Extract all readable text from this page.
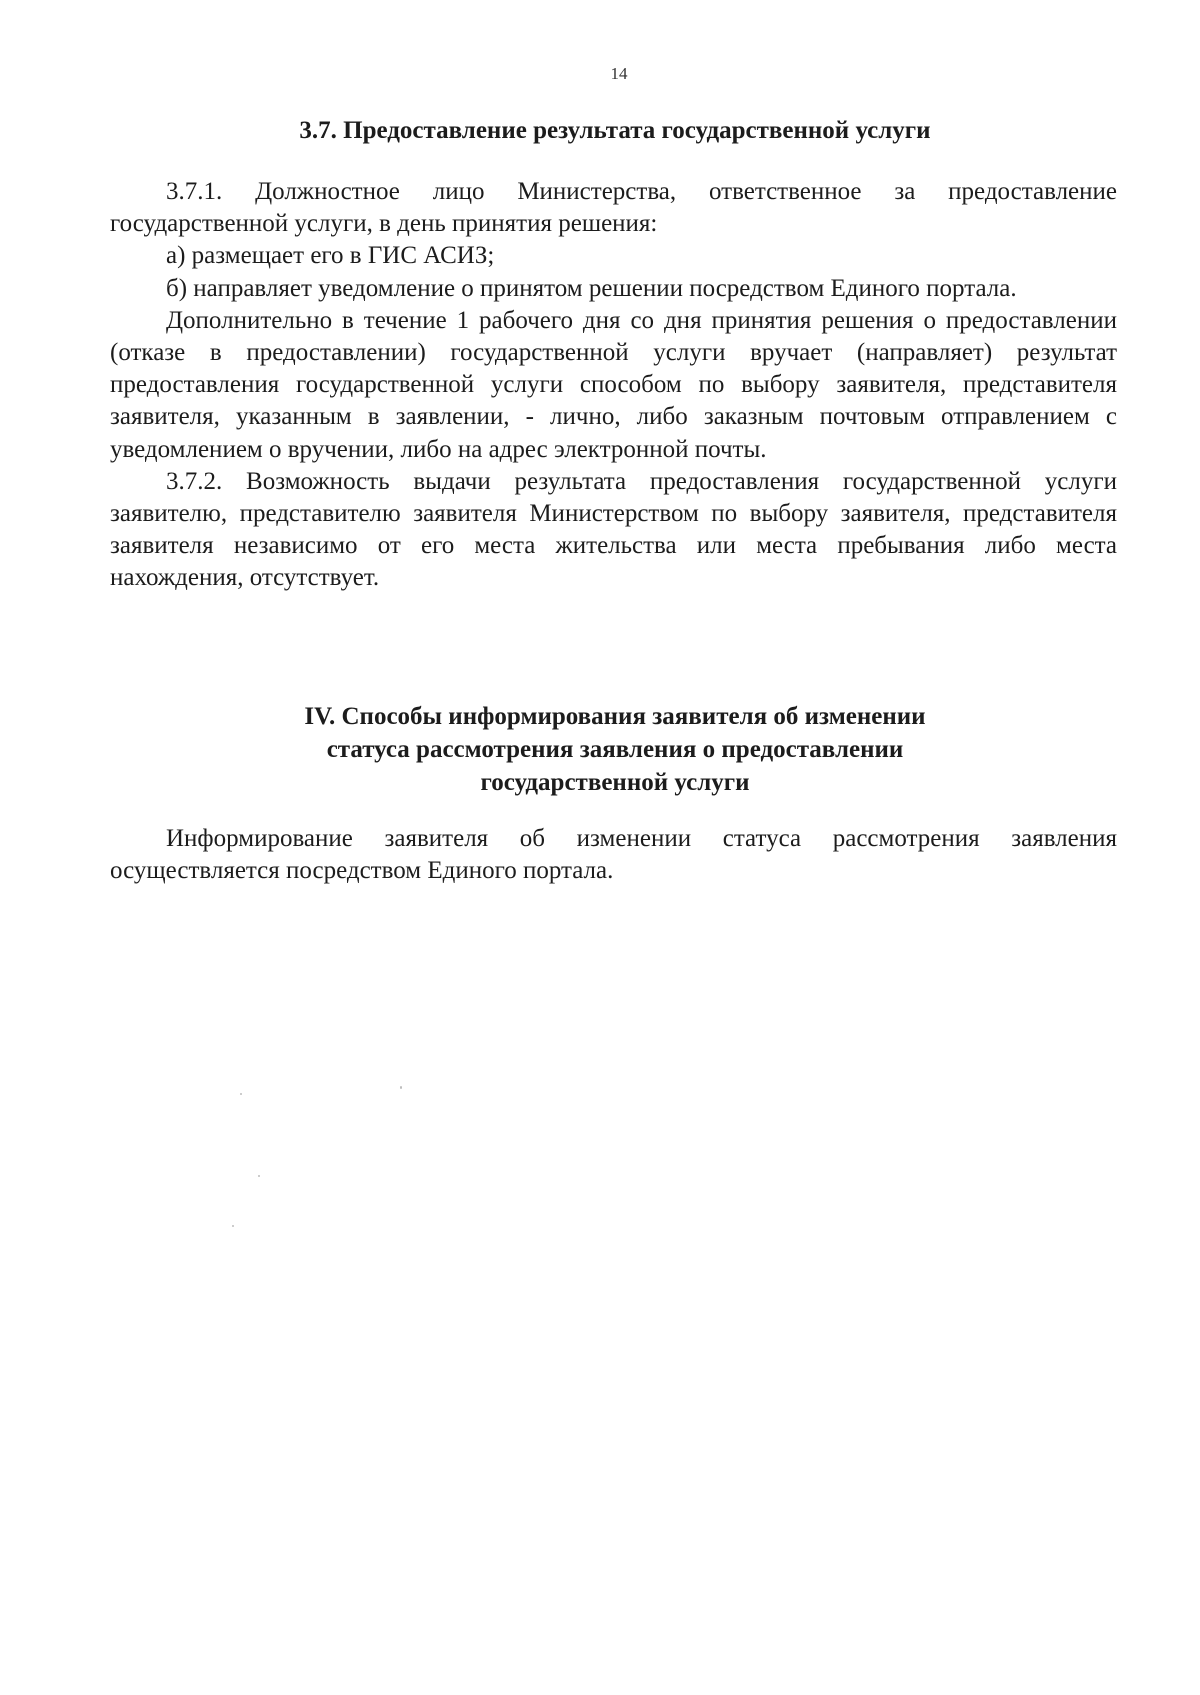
14
3.7. Предоставление результата государственной услуги

3.7.1. Должностное лицо Министерства, ответственное за предоставление государственной услуги, в день принятия решения:

а) размещает его в ГИС АСИЗ;

б) направляет уведомление о принятом решении посредством Единого портала.

Дополнительно в течение 1 рабочего дня со дня принятия решения о предоставлении (отказе в предоставлении) государственной услуги вручает (направляет) результат предоставления государственной услуги способом по выбору заявителя, представителя заявителя, указанным в заявлении, - лично, либо заказным почтовым отправлением с уведомлением о вручении, либо на адрес электронной почты.

3.7.2. Возможность выдачи результата предоставления государственной услуги заявителю, представителю заявителя Министерством по выбору заявителя, представителя заявителя независимо от его места жительства или места пребывания либо места нахождения, отсутствует.

IV. Способы информирования заявителя об изменении
статуса рассмотрения заявления о предоставлении
государственной услуги

Информирование заявителя об изменении статуса рассмотрения заявления осуществляется посредством Единого портала.
